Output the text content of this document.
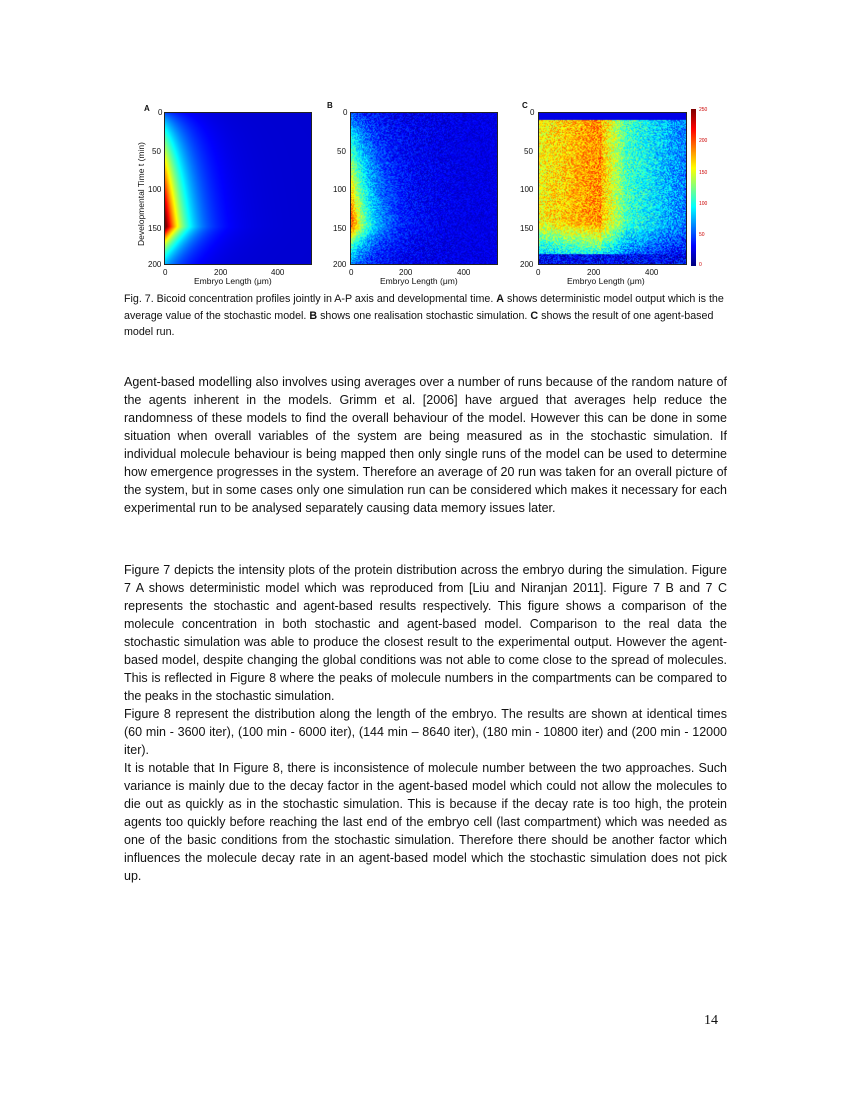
A 0
50
100
150
200
0	200	400
Embryo Length (μm)
Developmental Time t (min)
B
0
50
100
150
200
0	200	400
Embryo Length (μm)
C
0
50
100
150
200
0	200	400
Embryo Length (μm)
250
200
150
100
50
0
Fig. 7. Bicoid concentration profiles jointly in A-P axis and developmental time. A shows deterministic model output which is the average value of the stochastic model. B shows one realisation stochastic simulation. C shows the result of one agent-based model run.

Agent-based modelling also involves using averages over a number of runs because of the random nature of the agents inherent in the models. Grimm et al. [2006] have argued that averages help reduce the randomness of these models to find the overall behaviour of the model. However this can be done in some situation when overall variables of the system are being measured as in the stochastic simulation. If individual molecule behaviour is being mapped then only single runs of the model can be used to determine how emergence progresses in the system. Therefore an average of 20 run was taken for an overall picture of the system, but in some cases only one simulation run can be considered which makes it necessary for each experimental run to be analysed separately causing data memory issues later.

Figure 7 depicts the intensity plots of the protein distribution across the embryo during the simulation. Figure 7 A shows deterministic model which was reproduced from [Liu and Niranjan 2011]. Figure 7 B and 7 C represents the stochastic and agent-based results respectively. This figure shows a comparison of the molecule concentration in both stochastic and agent-based model. Comparison to the real data the stochastic simulation was able to produce the closest result to the experimental output. However the agent-based model, despite changing the global conditions was not able to come close to the spread of molecules. This is reflected in Figure 8 where the peaks of molecule numbers in the compartments can be compared to the peaks in the stochastic simulation.

Figure 8 represent the distribution along the length of the embryo. The results are shown at identical times (60 min - 3600 iter), (100 min - 6000 iter), (144 min – 8640 iter), (180 min - 10800 iter) and (200 min - 12000 iter).

It is notable that In Figure 8, there is inconsistence of molecule number between the two approaches. Such variance is mainly due to the decay factor in the agent-based model which could not allow the molecules to die out as quickly as in the stochastic simulation. This is because if the decay rate is too high, the protein agents too quickly before reaching the last end of the embryo cell (last compartment) which was needed as one of the basic conditions from the stochastic simulation. Therefore there should be another factor which influences the molecule decay rate in an agent-based model which the stochastic simulation does not pick up.

14
